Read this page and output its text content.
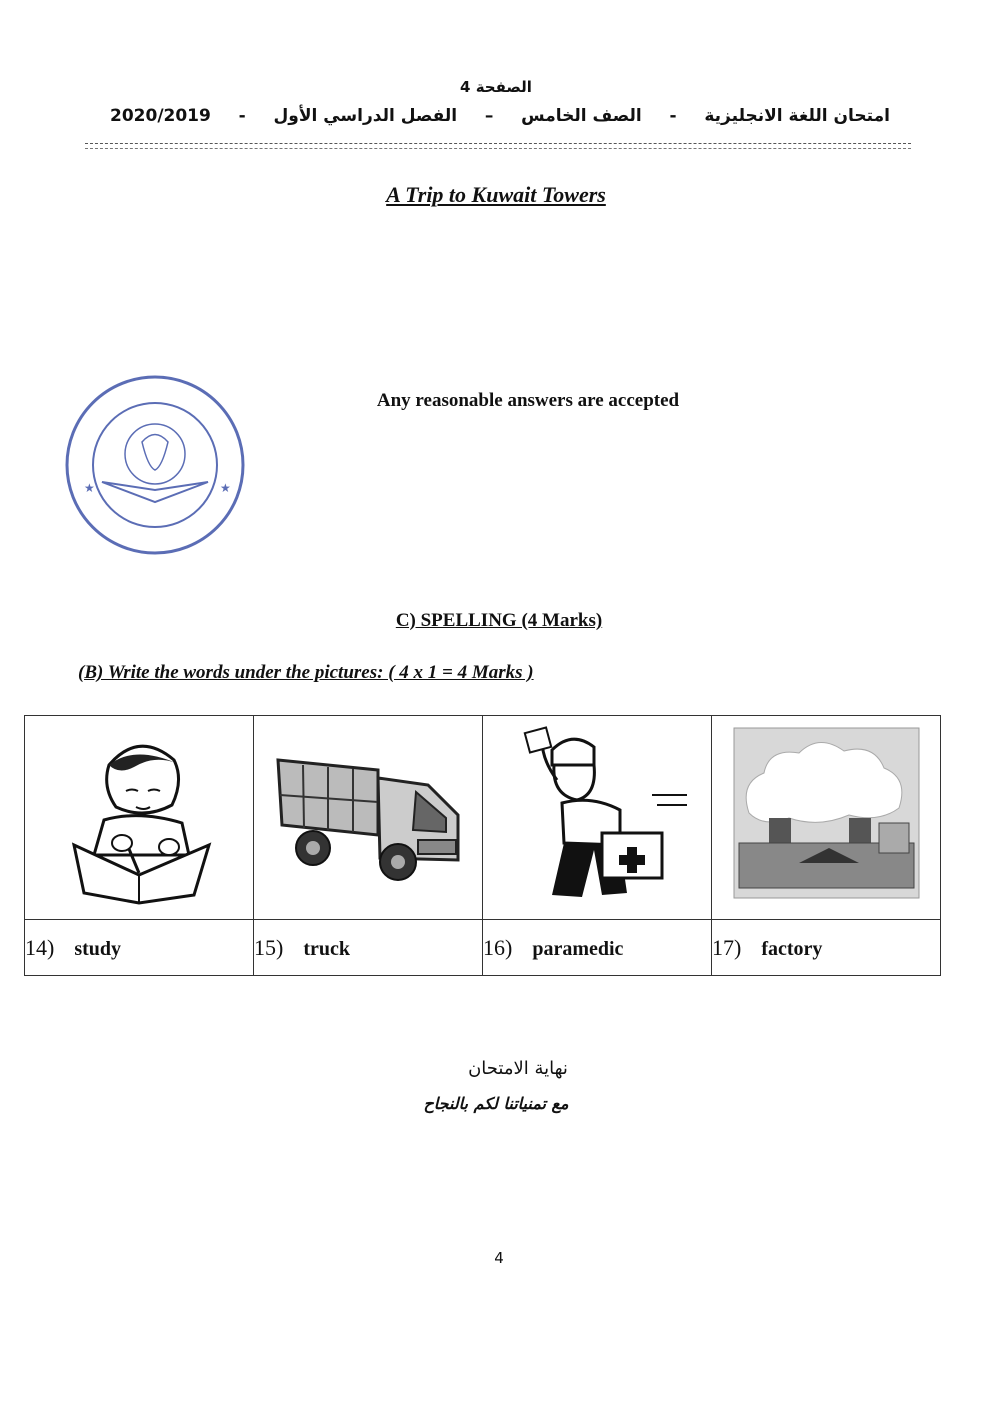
الصفحة 4
امتحان اللغة الانجليزية
-
الصف الخامس
–
الفصل الدراسي الأول
-
2020/2019
A Trip to Kuwait Towers
★	★
Any reasonable answers are accepted
C) SPELLING (4 Marks)
(B) Write the words under the pictures: ( 4 x 1 = 4 Marks )

14) study	15) truck	16) paramedic	17) factory
نهاية الامتحان
مع تمنياتنا لكم بالنجاح
4
